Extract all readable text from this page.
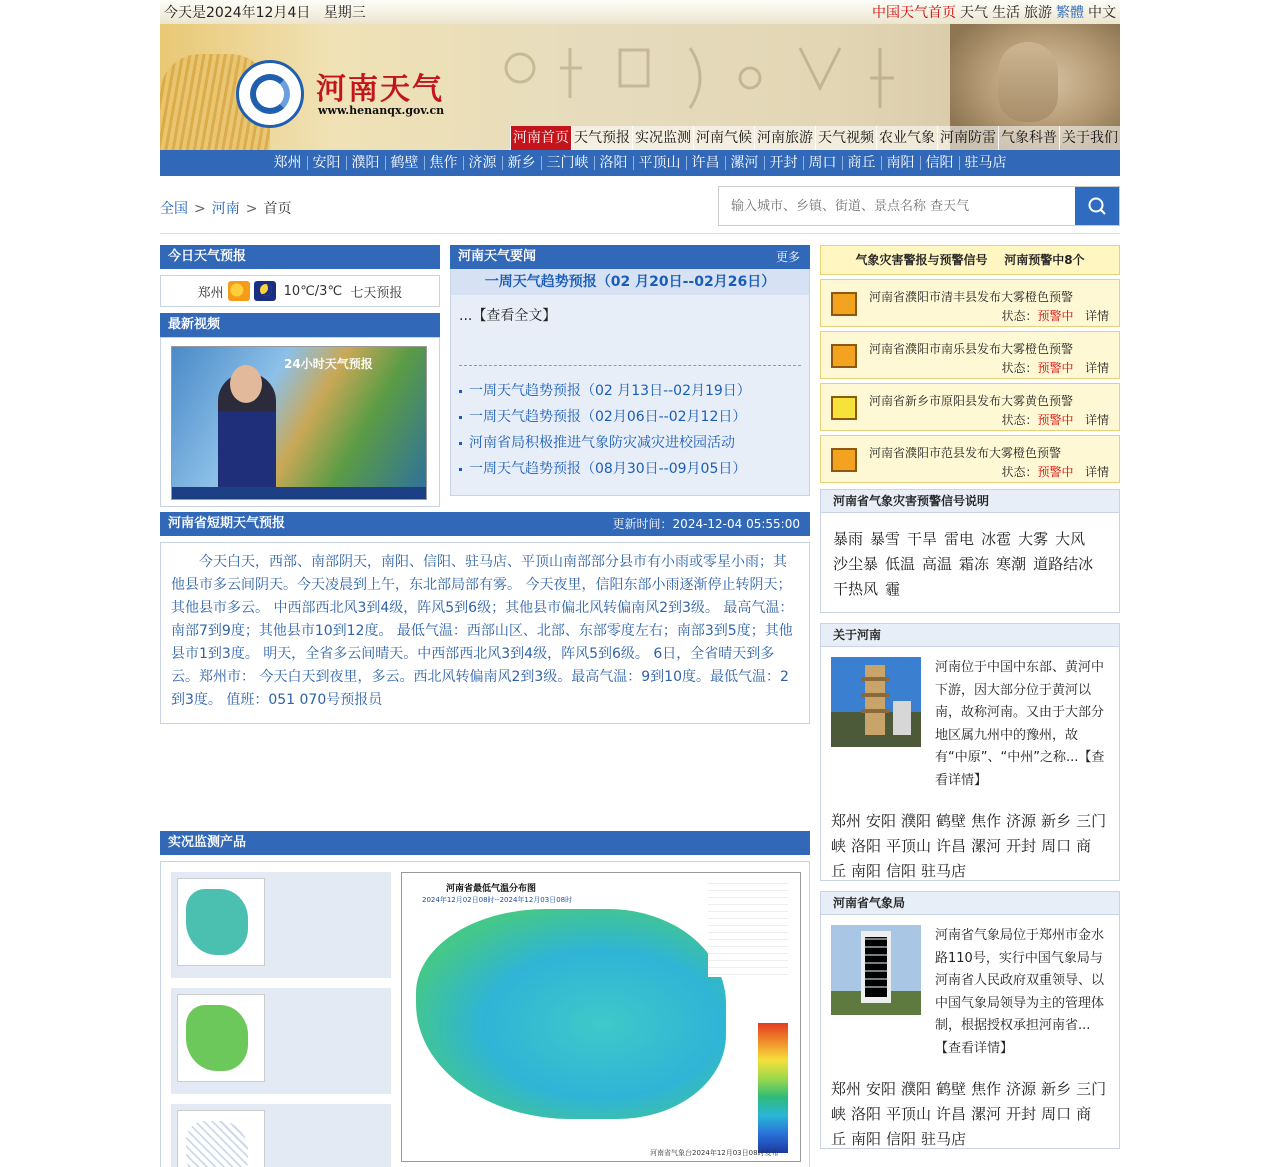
今天是2024年12月4日 星期三	中国天气首页 天气 生活 旅游 繁體 中文
河南天气
www.henanqx.gov.cn
河南首页 天气预报 实况监测 河南气候 河南旅游 天气视频 农业气象 河南防雷 气象科普 关于我们
郑州 安阳 濮阳 鹤壁 焦作 济源 新乡 三门峡 洛阳 平顶山 许昌 漯河 开封 周口 商丘 南阳 信阳 驻马店
全国 > 河南 > 首页
输入城市、乡镇、街道、景点名称 查天气
今日天气预报
郑州	10℃/3℃
七天预报
最新视频
24小时天气预报
河南天气要闻	更多
一周天气趋势预报（02 月20日--02月26日）
...【查看全文】
一周天气趋势预报（02 月13日--02月19日）
一周天气趋势预报（02月06日--02月12日）
河南省局积极推进气象防灾减灾进校园活动
一周天气趋势预报（08月30日--09月05日）
河南省短期天气预报	更新时间：2024-12-04 05:55:00
今天白天，西部、南部阴天，南阳、信阳、驻马店、平顶山南部部分县市有小雨或零星小雨；其他县市多云间阴天。今天凌晨到上午，东北部局部有雾。 今天夜里，信阳东部小雨逐渐停止转阴天；其他县市多云。 中西部西北风3到4级，阵风5到6级；其他县市偏北风转偏南风2到3级。 最高气温：南部7到9度；其他县市10到12度。 最低气温：西部山区、北部、东部零度左右；南部3到5度；其他县市1到3度。 明天，全省多云间晴天。中西部西北风3到4级，阵风5到6级。 6日，全省晴天到多云。郑州市： 今天白天到夜里，多云。西北风转偏南风2到3级。最高气温：9到10度。最低气温：2到3度。 值班：051 070号预报员
实况监测产品
河南省最低气温分布图
2024年12月02日08时--2024年12月03日08时
河南省气象台2024年12月03日08时发布
气象灾害警报与预警信号 河南预警中8个
河南省濮阳市清丰县发布大雾橙色预警
状态：预警中 详情
河南省濮阳市南乐县发布大雾橙色预警
状态：预警中 详情
河南省新乡市原阳县发布大雾黄色预警
状态：预警中 详情
河南省濮阳市范县发布大雾橙色预警
状态：预警中 详情
河南省气象灾害预警信号说明
暴雨 暴雪 干旱 雷电 冰雹 大雾 大风沙尘暴 低温 高温 霜冻 寒潮 道路结冰干热风 霾
关于河南
河南位于中国中东部、黄河中下游，因大部分位于黄河以南，故称河南。又由于大部分地区属九州中的豫州，故有“中原”、“中州”之称...【查看详情】
郑州 安阳 濮阳 鹤壁 焦作 济源 新乡 三门峡 洛阳 平顶山 许昌 漯河 开封 周口 商丘 南阳 信阳 驻马店
河南省气象局
河南省气象局位于郑州市金水路110号，实行中国气象局与河南省人民政府双重领导、以中国气象局领导为主的管理体制，根据授权承担河南省...【查看详情】
郑州 安阳 濮阳 鹤壁 焦作 济源 新乡 三门峡 洛阳 平顶山 许昌 漯河 开封 周口 商丘 南阳 信阳 驻马店
